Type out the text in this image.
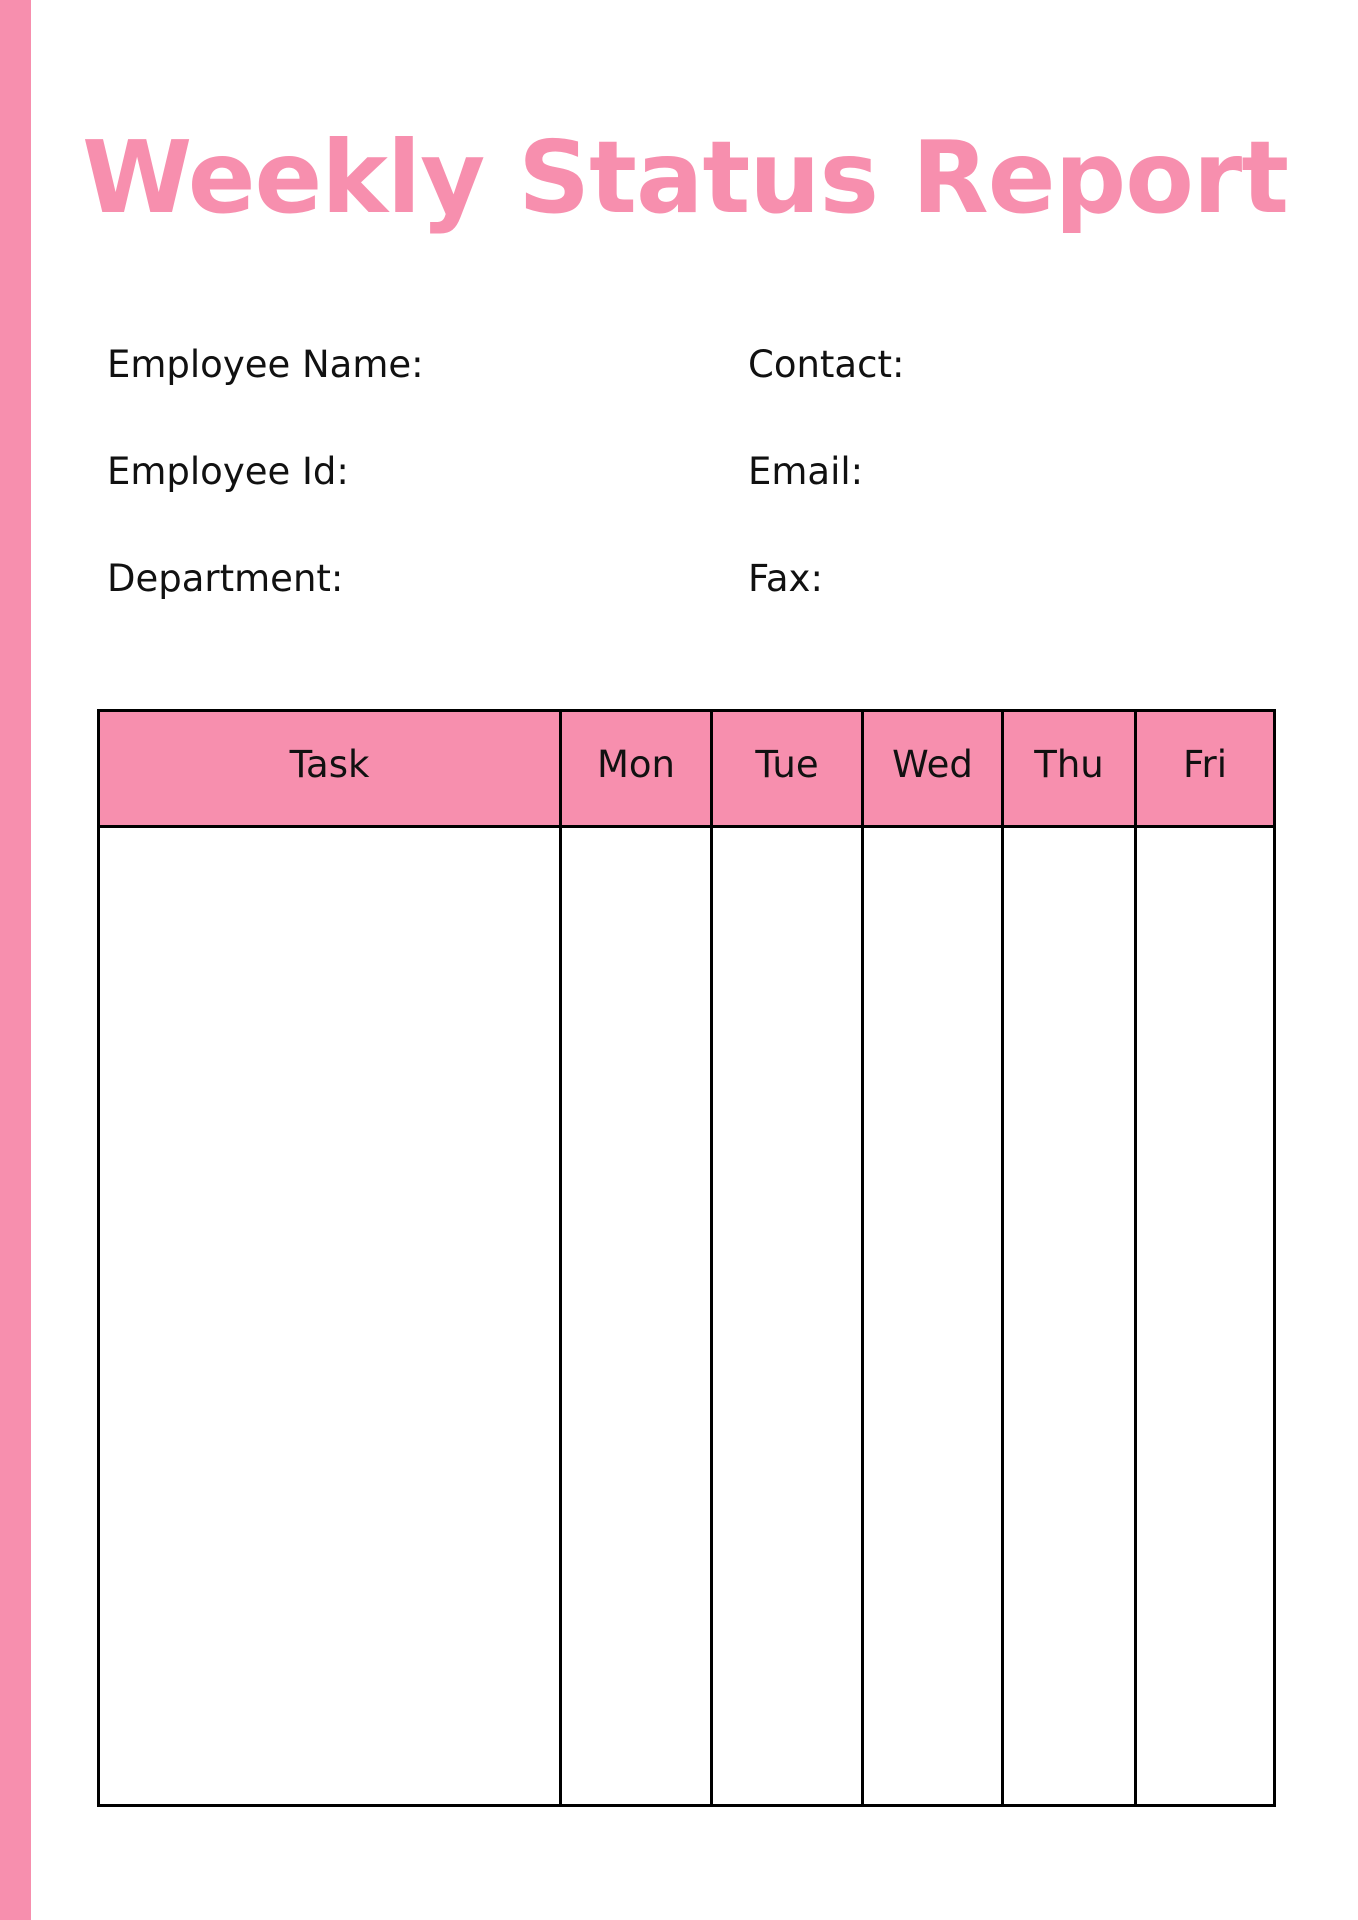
Weekly Status Report
Employee Name:
Employee Id:
Department:
Contact:
Email:
Fax:
Task	Mon	Tue	Wed	Thu	Fri
